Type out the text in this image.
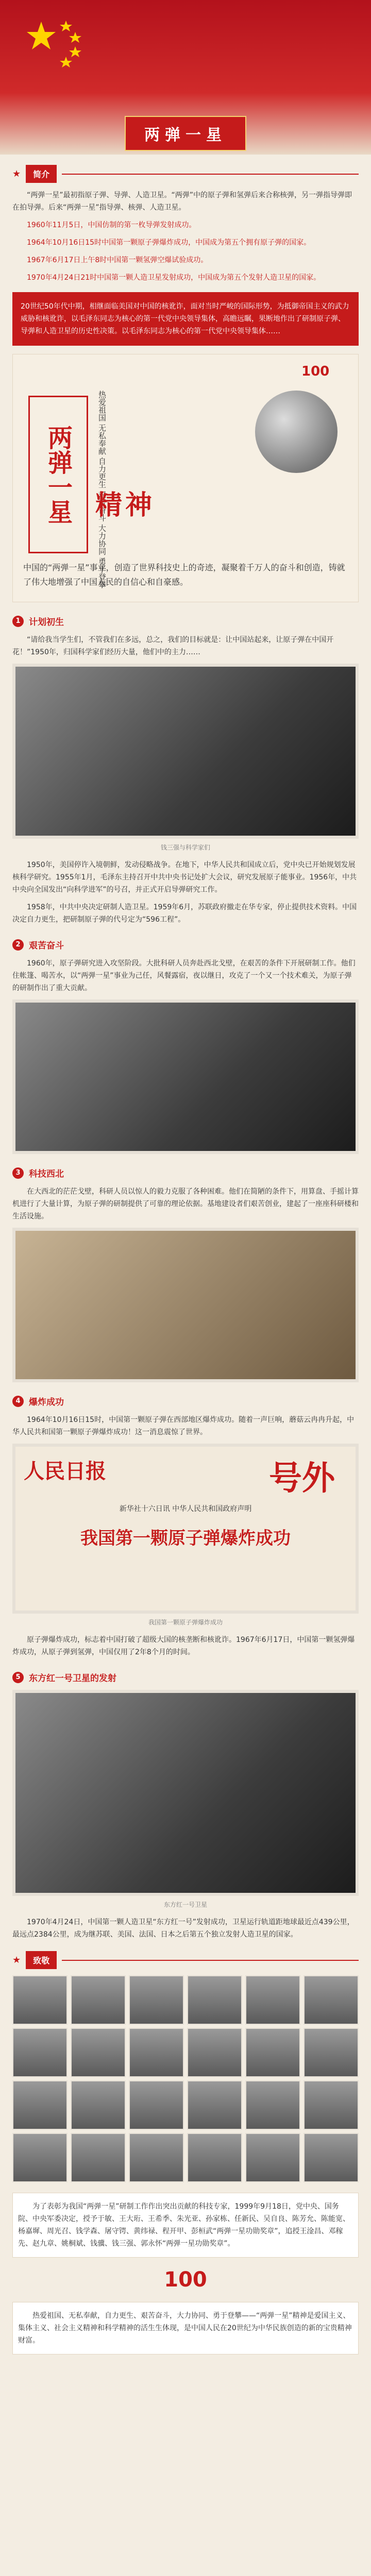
两弹一星
★	简介

“两弹一星”最初指原子弹、导弹、人造卫星。“两弹”中的原子弹和氢弹后来合称核弹，另一弹指导弹即在拍导弹。后来“两弹一星”指导弹、核弹、人造卫星。

1960年11月5日，中国仿制的第一枚导弹发射成功。

1964年10月16日15时中国第一颗原子弹爆炸成功，中国成为第五个拥有原子弹的国家。

1967年6月17日上午8时中国第一颗氢弹空爆试验成功。

1970年4月24日21时中国第一颗人造卫星发射成功，中国成为第五个发射人造卫星的国家。

20世纪50年代中期，相继面临美国对中国的核讹诈，面对当时严峻的国际形势，为抵御帝国主义的武力威胁和核讹诈，以毛泽东同志为核心的第一代党中央领导集体，高瞻远瞩，果断地作出了研制原子弹、导弹和人造卫星的历史性决策。以毛泽东同志为核心的第一代党中央领导集体……
100
两弹一星	热爱祖国 无私奉献 自力更生 艰苦奋斗 大力协同 勇于登攀
精神
中国的“两弹一星”事业，创造了世界科技史上的奇迹，凝聚着千万人的奋斗和创造，铸就了伟大地增强了中国人民的自信心和自豪感。
1 计划初生

“请给我当学生们，不管我们在多远，总之，我们的目标就是：让中国站起来，让原子弹在中国开花！”1950年，归国科学家们经历大量，他们中的主力……

钱三强与科学家们

1950年，美国停许入境朝鲜，发动侵略战争。在地下，中华人民共和国成立后，党中央已开始规划发展核科学研究。1955年1月，毛泽东主持召开中共中央书记处扩大会议，研究发展原子能事业。1956年，中共中央向全国发出“向科学进军”的号召，并正式开启导弹研究工作。

1958年，中共中央决定研制人造卫星。1959年6月，苏联政府撤走在华专家，停止提供技术资料。中国决定自力更生，把研制原子弹的代号定为“596工程”。

2 艰苦奋斗

1960年，原子弹研究进入攻坚阶段。大批科研人员奔赴西北戈壁，在艰苦的条件下开展研制工作。他们住帐篷、喝苦水，以“两弹一星”事业为己任，风餐露宿，夜以继日，攻克了一个又一个技术难关，为原子弹的研制作出了重大贡献。

3 科技西北

在大西北的茫茫戈壁，科研人员以惊人的毅力克服了各种困难。他们在简陋的条件下，用算盘、手摇计算机进行了大量计算，为原子弹的研制提供了可靠的理论依据。基地建设者们艰苦创业，建起了一座座科研楼和生活设施。

4 爆炸成功

1964年10月16日15时，中国第一颗原子弹在西部地区爆炸成功。随着一声巨响，蘑菇云冉冉升起，中华人民共和国第一颗原子弹爆炸成功！这一消息震惊了世界。

人民日报	号外
新华社十六日讯 中华人民共和国政府声明
我国第一颗原子弹爆炸成功
我国第一颗原子弹爆炸成功

原子弹爆炸成功，标志着中国打破了超级大国的核垄断和核讹诈。1967年6月17日，中国第一颗氢弹爆炸成功，从原子弹到氢弹，中国仅用了2年8个月的时间。

5 东方红一号卫星的发射
东方红一号卫星

1970年4月24日，中国第一颗人造卫星“东方红一号”发射成功，卫星运行轨道距地球最近点439公里，最远点2384公里，成为继苏联、美国、法国、日本之后第五个独立发射人造卫星的国家。

★	致敬

为了表彰为我国“两弹一星”研制工作作出突出贡献的科技专家，1999年9月18日，党中央、国务院、中央军委决定，授予于敏、王大珩、王希季、朱光亚、孙家栋、任新民、吴自良、陈芳允、陈能宽、杨嘉墀、周光召、钱学森、屠守锷、黄纬禄、程开甲、彭桓武“两弹一星功勋奖章”，追授王淦昌、邓稼先、赵九章、姚桐斌、钱骥、钱三强、郭永怀“两弹一星功勋奖章”。

100

热爱祖国、无私奉献，自力更生、艰苦奋斗，大力协同、勇于登攀——“两弹一星”精神是爱国主义、集体主义、社会主义精神和科学精神的活生生体现，是中国人民在20世纪为中华民族创造的新的宝贵精神财富。
